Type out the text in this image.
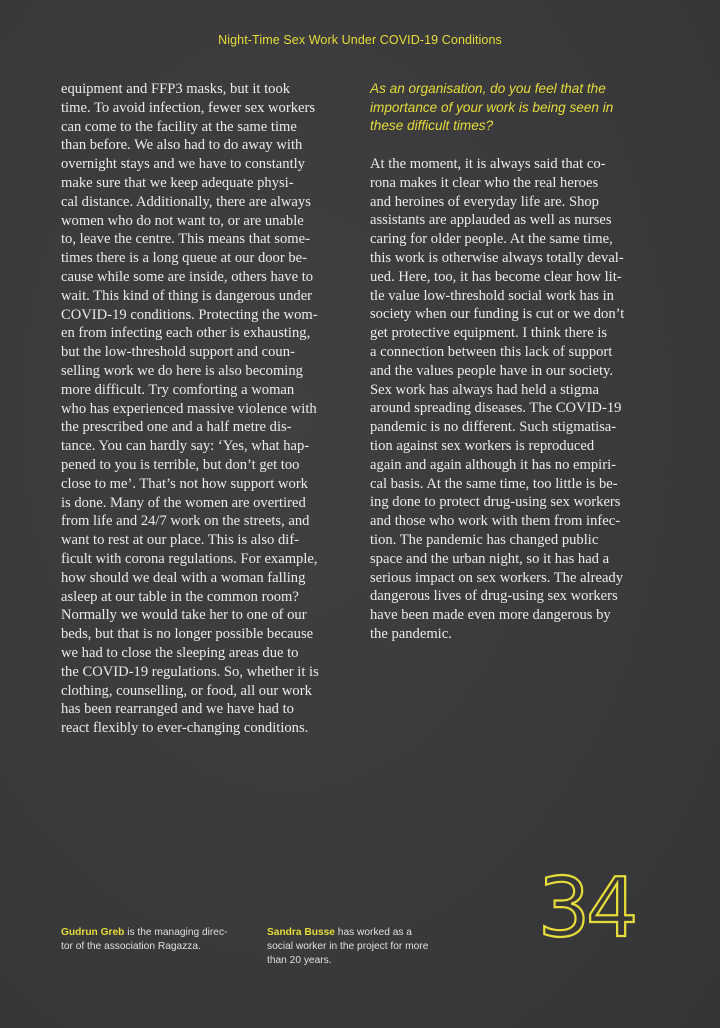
Night-Time Sex Work Under COVID-19 Conditions
equipment and FFP3 masks, but it took
time. To avoid infection, fewer sex workers
can come to the facility at the same time
than before. We also had to do away with
overnight stays and we have to constantly
make sure that we keep adequate physi-
cal distance. Additionally, there are always
women who do not want to, or are unable
to, leave the centre. This means that some-
times there is a long queue at our door be-
cause while some are inside, others have to
wait. This kind of thing is dangerous under
COVID-19 conditions. Protecting the wom-
en from infecting each other is exhausting,
but the low-threshold support and coun-
selling work we do here is also becoming
more difficult. Try comforting a woman
who has experienced massive violence with
the prescribed one and a half metre dis-
tance. You can hardly say: ‘Yes, what hap-
pened to you is terrible, but don’t get too
close to me’. That’s not how support work
is done. Many of the women are overtired
from life and 24/7 work on the streets, and
want to rest at our place. This is also dif-
ficult with corona regulations. For example,
how should we deal with a woman falling
asleep at our table in the common room?
Normally we would take her to one of our
beds, but that is no longer possible because
we had to close the sleeping areas due to
the COVID-19 regulations. So, whether it is
clothing, counselling, or food, all our work
has been rearranged and we have had to
react flexibly to ever-changing conditions.
As an organisation, do you feel that the
importance of your work is being seen in
these difficult times?
At the moment, it is always said that co-
rona makes it clear who the real heroes
and heroines of everyday life are. Shop
assistants are applauded as well as nurses
caring for older people. At the same time,
this work is otherwise always totally deval-
ued. Here, too, it has become clear how lit-
tle value low-threshold social work has in
society when our funding is cut or we don’t
get protective equipment. I think there is
a connection between this lack of support
and the values people have in our society.
Sex work has always had held a stigma
around spreading diseases. The COVID-19
pandemic is no different. Such stigmatisa-
tion against sex workers is reproduced
again and again although it has no empiri-
cal basis. At the same time, too little is be-
ing done to protect drug-using sex workers
and those who work with them from infec-
tion. The pandemic has changed public
space and the urban night, so it has had a
serious impact on sex workers. The already
dangerous lives of drug-using sex workers
have been made even more dangerous by
the pandemic.
Gudrun Greb is the managing direc-
tor of the association Ragazza.
Sandra Busse has worked as a
social worker in the project for more
than 20 years.
34
